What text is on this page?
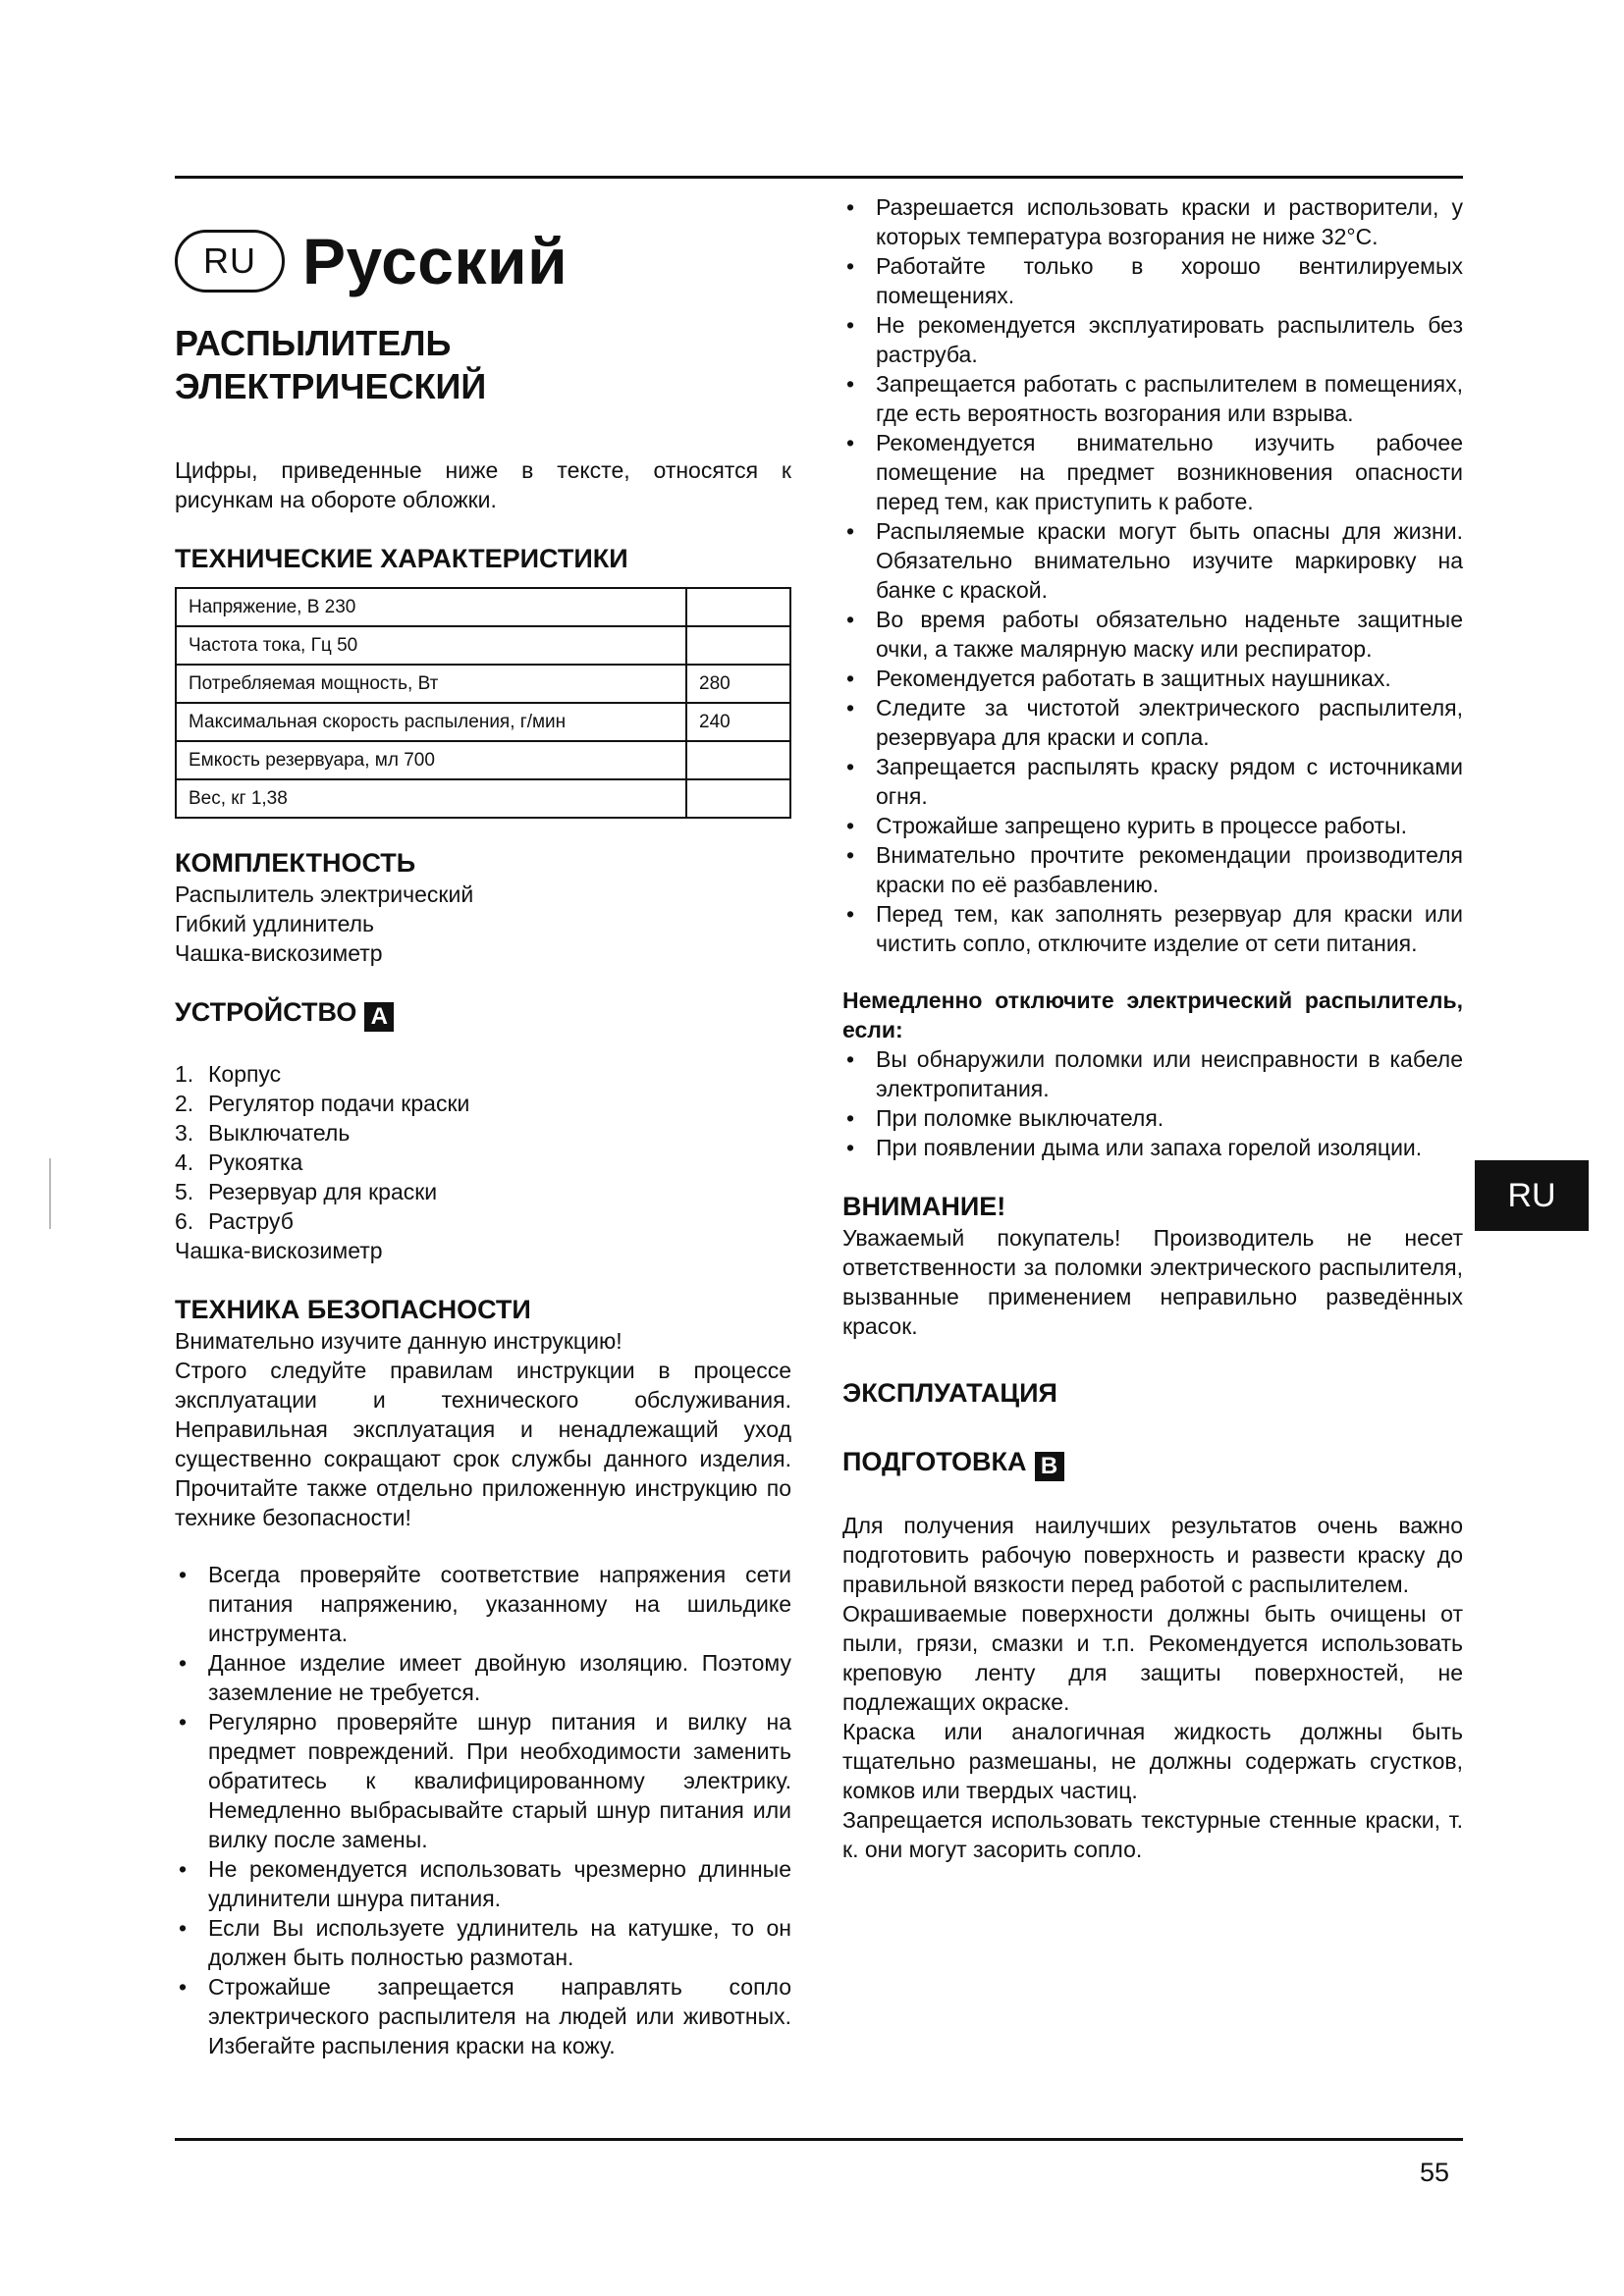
RU Русский
РАСПЫЛИТЕЛЬ
ЭЛЕКТРИЧЕСКИЙ

Цифры, приведенные ниже в тексте, относятся к рисункам на обороте обложки.

ТЕХНИЧЕСКИЕ ХАРАКТЕРИСТИКИ
Напряжение, В 230	
Частота тока, Гц 50	
Потребляемая мощность, Вт	280
Максимальная скорость распыления, г/мин	240
Емкость резервуара, мл 700	
Вес, кг 1,38	
КОМПЛЕКТНОСТЬ
Распылитель электрический
Гибкий удлинитель
Чашка-вискозиметр
УСТРОЙСТВО A
1. Корпус
2. Регулятор подачи краски
3. Выключатель
4. Рукоятка
5. Резервуар для краски
6. Раструб
Чашка-вискозиметр
ТЕХНИКА БЕЗОПАСНОСТИ

Внимательно изучите данную инструкцию!

Строго следуйте правилам инструкции в процессе эксплуатации и технического обслуживания. Неправильная эксплуатация и ненадлежащий уход существенно сокращают срок службы данного изделия. Прочитайте также отдельно приложенную инструкцию по технике безопасности!

• Всегда проверяйте соответствие напряжения сети питания напряжению, указанному на шильдике инструмента.
• Данное изделие имеет двойную изоляцию. Поэтому заземление не требуется.
• Регулярно проверяйте шнур питания и вилку на предмет повреждений. При необходимости заменить обратитесь к квалифицированному электрику. Немедленно выбрасывайте старый шнур питания или вилку после замены.
• Не рекомендуется использовать чрезмерно длинные удлинители шнура питания.
• Если Вы используете удлинитель на катушке, то он должен быть полностью размотан.
• Строжайше запрещается направлять сопло электрического распылителя на людей или животных. Избегайте распыления краски на кожу.
• Разрешается использовать краски и растворители, у которых температура возгорания не ниже 32°C.
• Работайте только в хорошо вентилируемых помещениях.
• Не рекомендуется эксплуатировать распылитель без раструба.
• Запрещается работать с распылителем в помещениях, где есть вероятность возгорания или взрыва.
• Рекомендуется внимательно изучить рабочее помещение на предмет возникновения опасности перед тем, как приступить к работе.
• Распыляемые краски могут быть опасны для жизни. Обязательно внимательно изучите маркировку на банке с краской.
• Во время работы обязательно наденьте защитные очки, а также малярную маску или респиратор.
• Рекомендуется работать в защитных наушниках.
• Следите за чистотой электрического распылителя, резервуара для краски и сопла.
• Запрещается распылять краску рядом с источниками огня.
• Строжайше запрещено курить в процессе работы.
• Внимательно прочтите рекомендации производителя краски по её разбавлению.
• Перед тем, как заполнять резервуар для краски или чистить сопло, отключите изделие от сети питания.
Немедленно отключите электрический распылитель, если:
• Вы обнаружили поломки или неисправности в кабеле электропитания.
• При поломке выключателя.
• При появлении дыма или запаха горелой изоляции.
ВНИМАНИЕ!

Уважаемый покупатель! Производитель не несет ответственности за поломки электрического распылителя, вызванные применением неправильно разведённых красок.

ЭКСПЛУАТАЦИЯ
ПОДГОТОВКА B

Для получения наилучших результатов очень важно подготовить рабочую поверхность и развести краску до правильной вязкости перед работой с распылителем.

Окрашиваемые поверхности должны быть очищены от пыли, грязи, смазки и т.п. Рекомендуется использовать креповую ленту для защиты поверхностей, не подлежащих окраске.

Краска или аналогичная жидкость должны быть тщательно размешаны, не должны содержать сгустков, комков или твердых частиц.

Запрещается использовать текстурные стенные краски, т. к. они могут засорить сопло.

RU
55
